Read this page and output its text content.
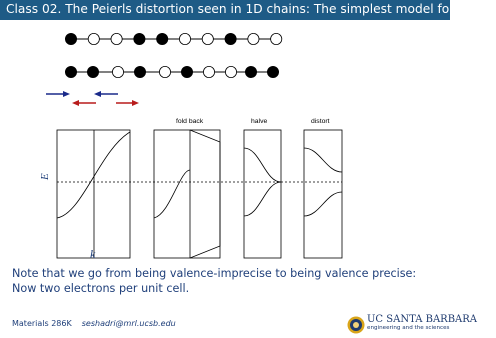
Class 02. The Peierls distortion seen in 1D chains: The simplest model for a gap.
fold back	halve	distort
E
k
Note that we go from being valence-imprecise to being valence precise: Now two electrons per unit cell.
Materials 286K seshadri@mrl.ucsb.edu	UC SANTA BARBARA
engineering and the sciences
